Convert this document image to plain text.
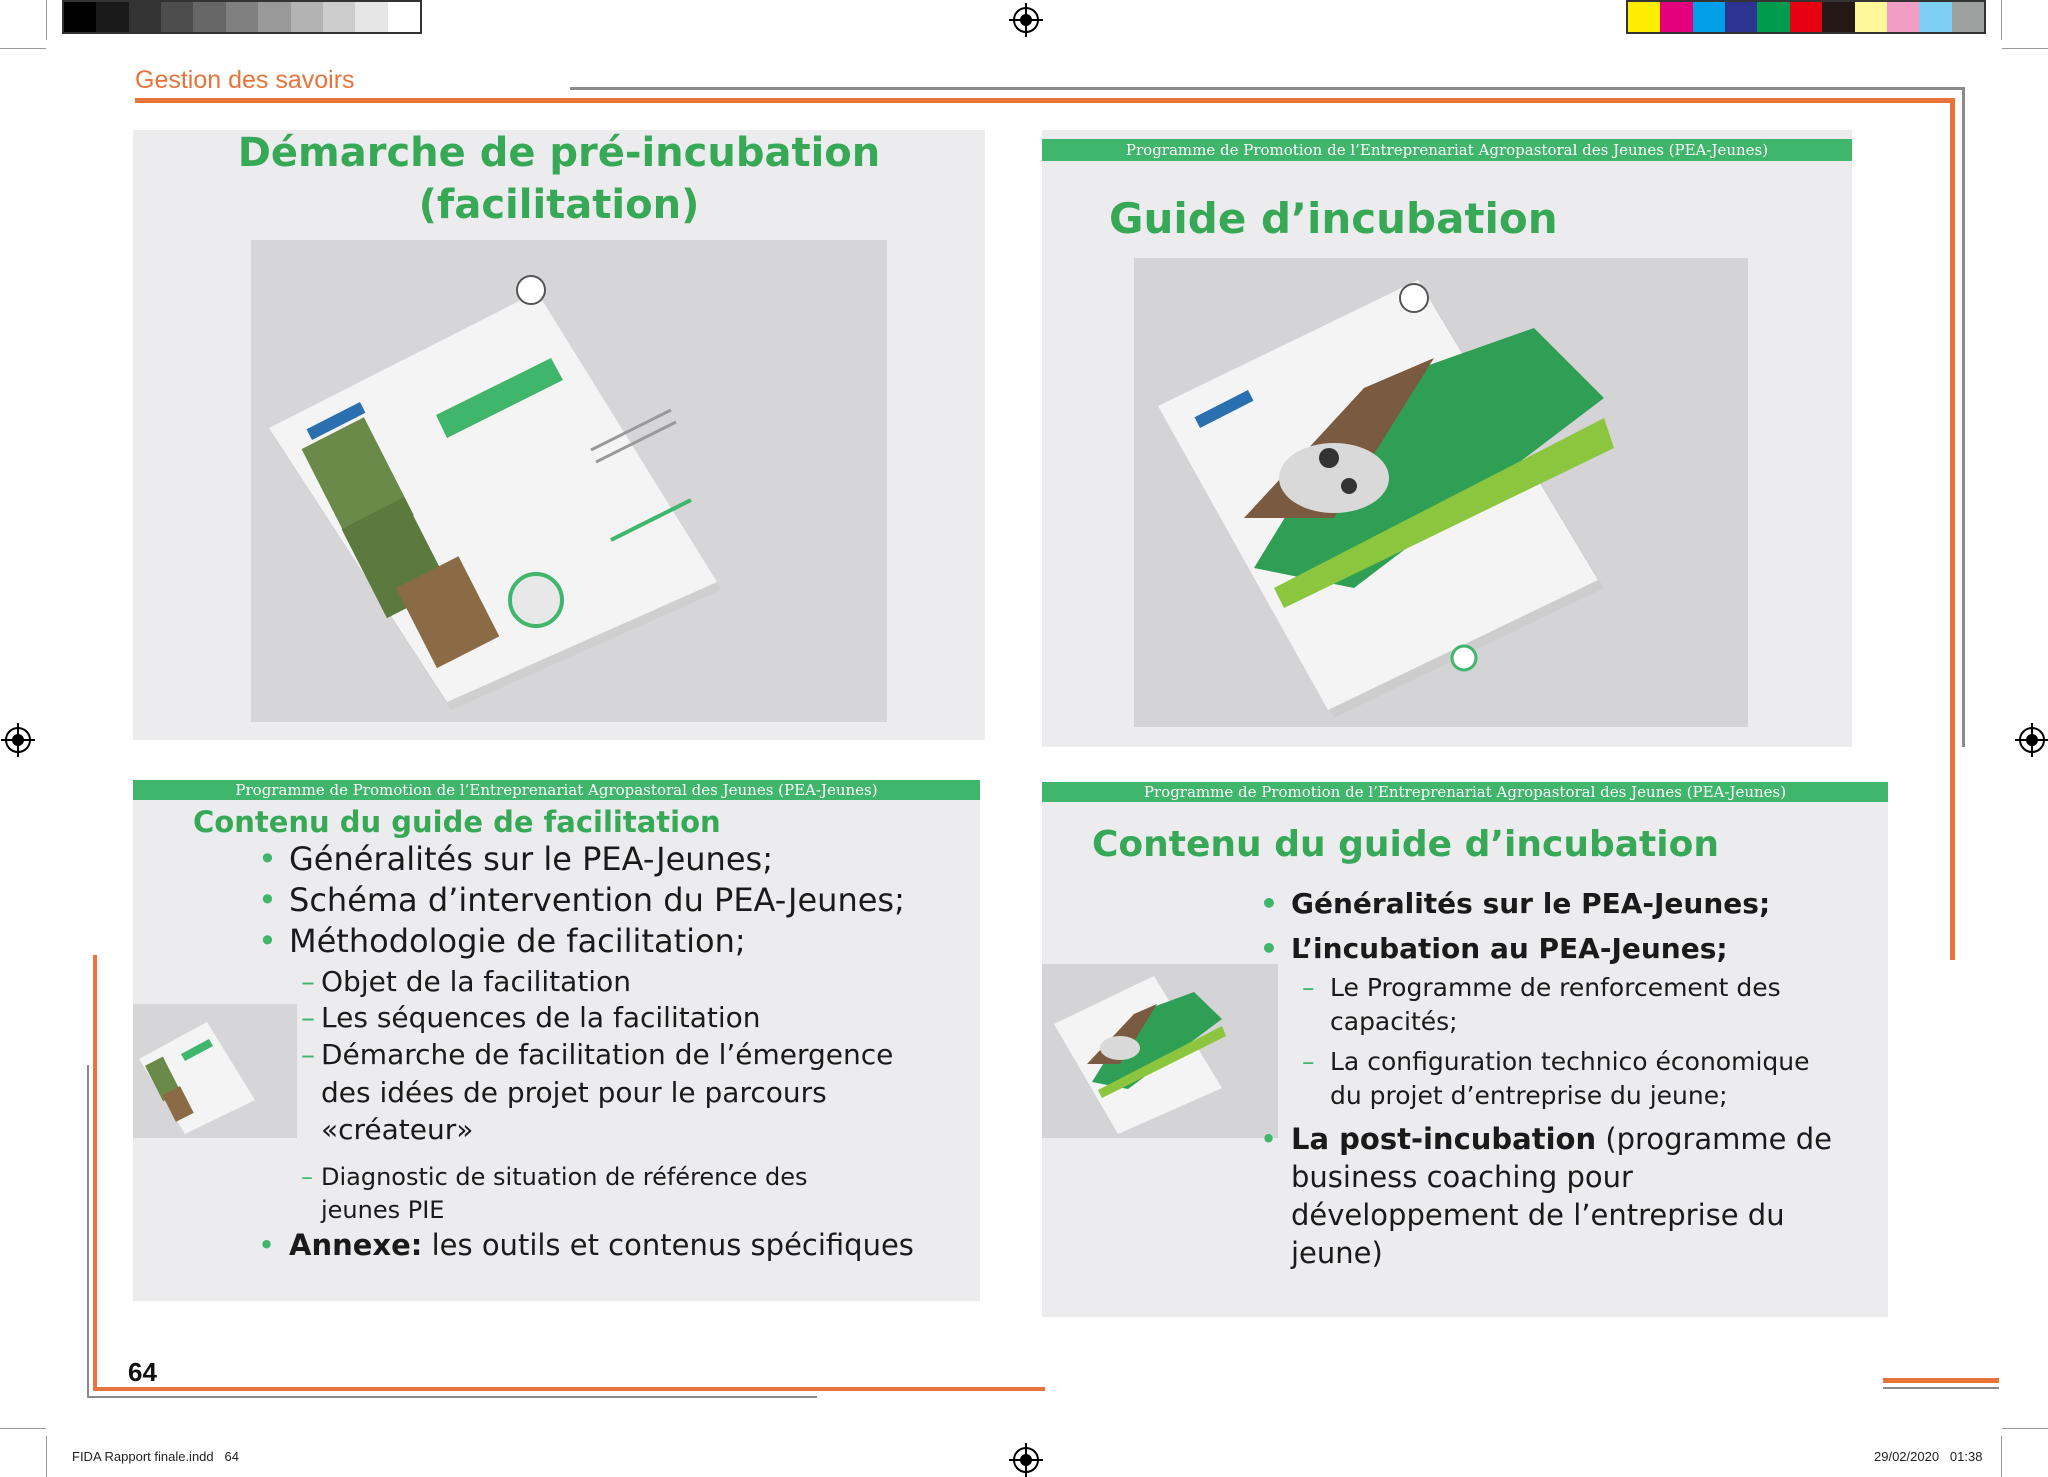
Gestion des savoirs
Démarche de pré-incubation
(facilitation)
Programme de Promotion de l’Entreprenariat Agropastoral des Jeunes (PEA-Jeunes)
Guide d’incubation
Programme de Promotion de l’Entreprenariat Agropastoral des Jeunes (PEA-Jeunes)
Contenu du guide de facilitation
• Généralités sur le PEA-Jeunes;
• Schéma d’intervention du PEA-Jeunes;
• Méthodologie de facilitation;
– Objet de la facilitation
– Les séquences de la facilitation
– Démarche de facilitation de l’émergence
des idées de projet pour le parcours
«créateur»
– Diagnostic de situation de référence des
jeunes PIE
• Annexe: les outils et contenus spécifiques
Programme de Promotion de l’Entreprenariat Agropastoral des Jeunes (PEA-Jeunes)
Contenu du guide d’incubation
• Généralités sur le PEA-Jeunes;
• L’incubation au PEA-Jeunes;
– Le Programme de renforcement des
capacités;
– La configuration technico économique
du projet d’entreprise du jeune;
• La post-incubation (programme de
business coaching pour
développement de l’entreprise du
jeune)
64
FIDA Rapport finale.indd   64	29/02/2020   01:38
